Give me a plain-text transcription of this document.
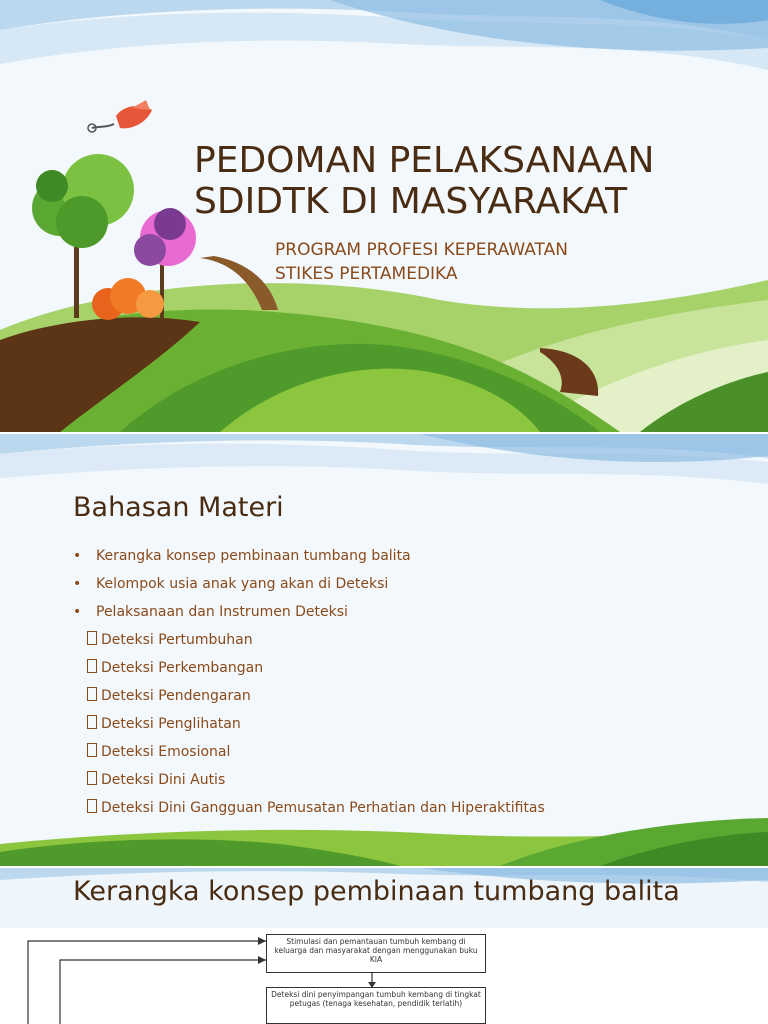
PEDOMAN PELAKSANAAN
SDIDTK DI MASYARAKAT
PROGRAM PROFESI KEPERAWATAN
STIKES PERTAMEDIKA
Bahasan Materi
• Kerangka konsep pembinaan tumbang balita
• Kelompok usia anak yang akan di Deteksi
• Pelaksanaan dan Instrumen Deteksi
Deteksi Pertumbuhan
Deteksi Perkembangan
Deteksi Pendengaran
Deteksi Penglihatan
Deteksi Emosional
Deteksi Dini Autis
Deteksi Dini Gangguan Pemusatan Perhatian dan Hiperaktifitas
Kerangka konsep pembinaan tumbang balita
Stimulasi dan pemantauan tumbuh kembang di keluarga dan masyarakat dengan menggunakan buku KIA
Deteksi dini penyimpangan tumbuh kembang di tingkat petugas (tenaga kesehatan, pendidik terlatih)
